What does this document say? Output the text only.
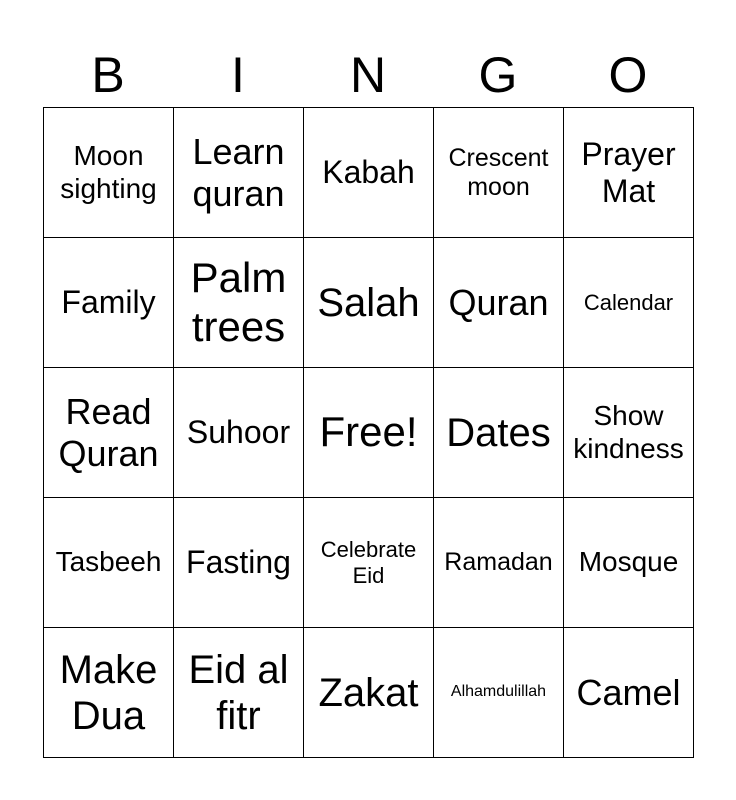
B	I	N	G	O
Moon sighting	Learn quran	Kabah	Crescent moon	Prayer Mat
Family	Palm trees	Salah	Quran	Calendar
Read Quran	Suhoor	Free!	Dates	Show kindness
Tasbeeh	Fasting	Celebrate Eid	Ramadan	Mosque
Make Dua	Eid al fitr	Zakat	Alhamdulillah	Camel
